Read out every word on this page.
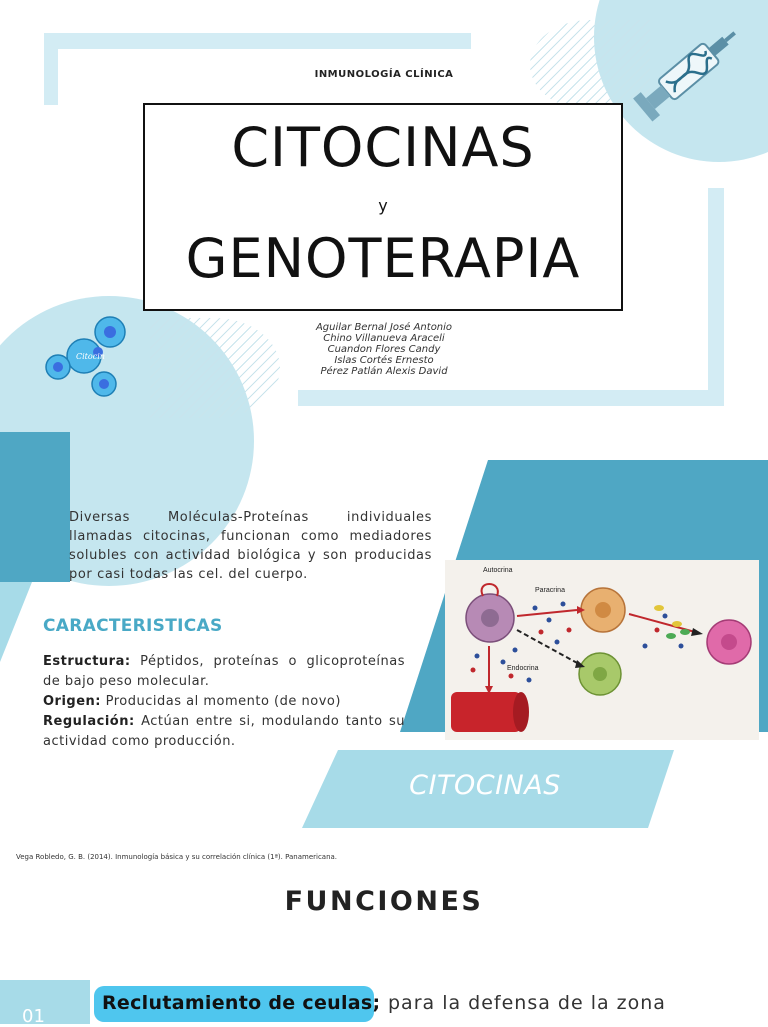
Citocin
INMUNOLOGÍA CLÍNICA
CITOCINAS
y
GENOTERAPIA
Aguilar Bernal José Antonio
Chino Villanueva Araceli
Cuandon Flores Candy
Islas Cortés Ernesto
Pérez Patlán Alexis David
Diversas Moléculas-Proteínas individuales llamadas citocinas, funcionan como mediadores solubles con actividad biológica y son producidas por casi todas las cel. del cuerpo.
CARACTERISTICAS
Estructura: Péptidos, proteínas o glicoproteínas de bajo peso molecular.
Origen: Producidas al momento (de novo)
Regulación: Actúan entre si, modulando tanto su actividad como producción.
Autocrina
Paracrina
Endocrina
CITOCINAS
Vega Robledo, G. B. (2014). Inmunología básica y su correlación clínica (1ª). Panamericana.
FUNCIONES
01
Reclutamiento de ceulas; para la defensa de la zona
